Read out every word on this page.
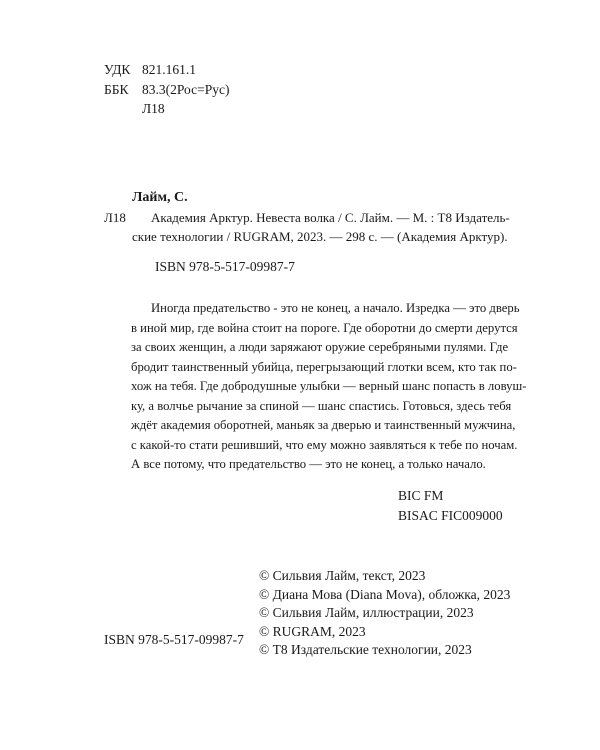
УДК 821.161.1
ББК 83.3(2Рос=Рус)
Л18
Лайм, С.
Л18 Академия Арктур. Невеста волка / С. Лайм. — М. : Т8 Издатель-
ские технологии / RUGRAM, 2023. — 298 с. — (Академия Арктур).
ISBN 978-5-517-09987-7
Иногда предательство - это не конец, а начало. Изредка — это дверь
в иной мир, где война стоит на пороге. Где оборотни до смерти дерутся
за своих женщин, а люди заряжают оружие серебряными пулями. Где
бродит таинственный убийца, перегрызающий глотки всем, кто так по-
хож на тебя. Где добродушные улыбки — верный шанс попасть в ловуш-
ку, а волчье рычание за спиной — шанс спастись. Готовься, здесь тебя
ждёт академия оборотней, маньяк за дверью и таинственный мужчина,
с какой-то стати решивший, что ему можно заявляться к тебе по ночам.
А все потому, что предательство — это не конец, а только начало.
BIC FM
BISAC FIC009000
ISBN 978-5-517-09987-7
© Сильвия Лайм, текст, 2023
© Диана Мова (Diana Mova), обложка, 2023
© Сильвия Лайм, иллюстрации, 2023
© RUGRAM, 2023
© Т8 Издательские технологии, 2023
